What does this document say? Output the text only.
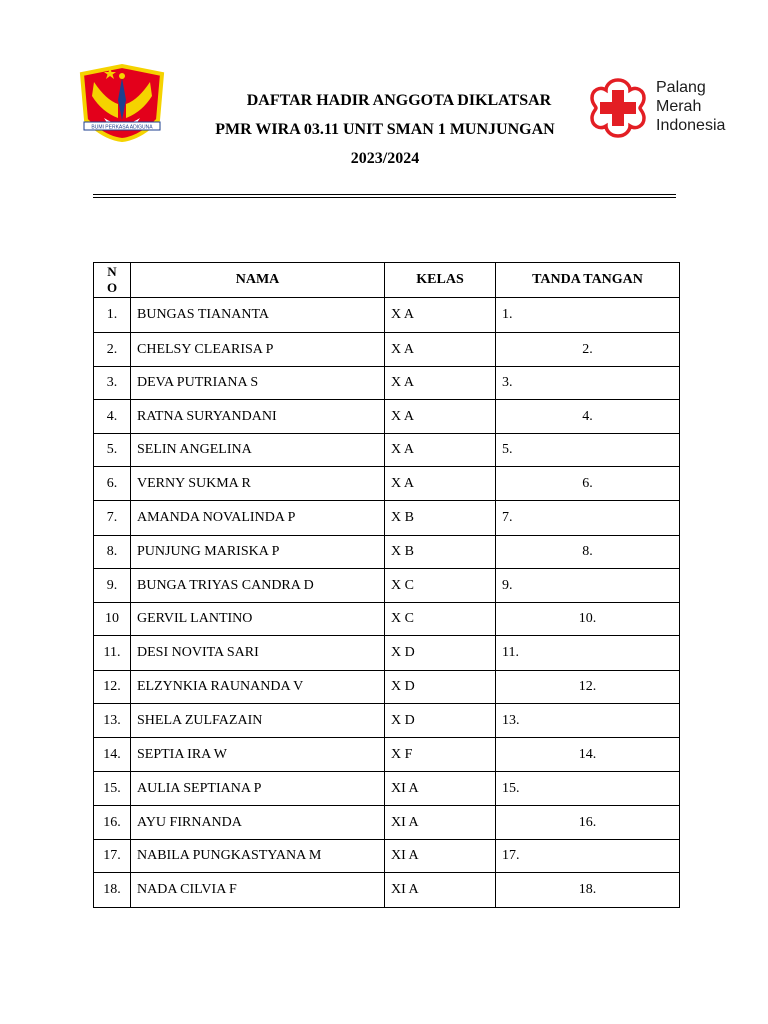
BUMI PERKASA ADIGUNA
DAFTAR HADIR ANGGOTA DIKLATSAR
PMR WIRA 03.11 UNIT SMAN 1 MUNJUNGAN
2023/2024
Palang
Merah
Indonesia
N O	NAMA	KELAS	TANDA TANGAN
1.	BUNGAS TIANANTA	X A	1.
2.	CHELSY CLEARISA P	X A	2.
3.	DEVA PUTRIANA S	X A	3.
4.	RATNA SURYANDANI	X A	4.
5.	SELIN ANGELINA	X A	5.
6.	VERNY SUKMA R	X A	6.
7.	AMANDA NOVALINDA P	X B	7.
8.	PUNJUNG MARISKA P	X B	8.
9.	BUNGA TRIYAS CANDRA D	X C	9.
10	GERVIL LANTINO	X C	10.
11.	DESI NOVITA SARI	X D	11.
12.	ELZYNKIA RAUNANDA V	X D	12.
13.	SHELA ZULFAZAIN	X D	13.
14.	SEPTIA IRA W	X F	14.
15.	AULIA SEPTIANA P	XI A	15.
16.	AYU FIRNANDA	XI A	16.
17.	NABILA PUNGKASTYANA M	XI A	17.
18.	NADA CILVIA F	XI A	18.
